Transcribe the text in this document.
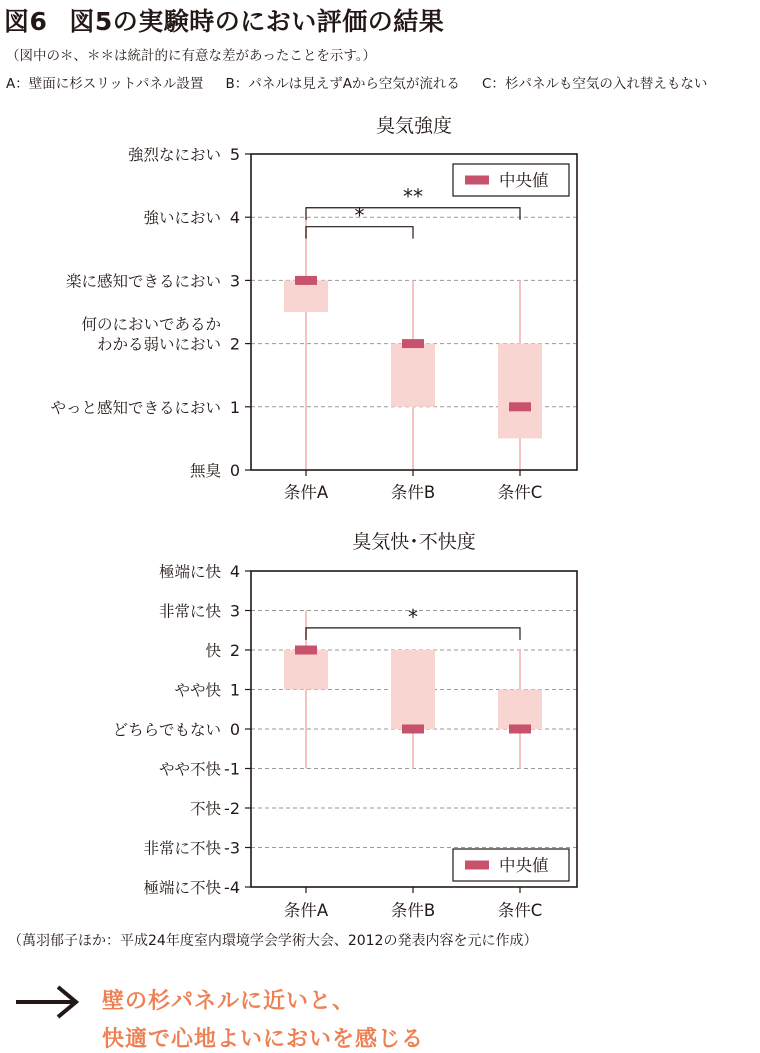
図6 図5の実験時のにおい評価の結果
（図中の＊、＊＊は統計的に有意な差があったことを示す。）
A：壁面に杉スリットパネル設置 B：パネルは見えずAから空気が流れる C：杉パネルも空気の入れ替えもない
臭気強度
5
強烈なにおい
4
強いにおい
3
楽に感知できるにおい
2
何のにおいであるか
わかる弱いにおい
1
やっと感知できるにおい
0
無臭
条件A	条件B	条件C
*
**
中央値
臭気快･不快度
4
極端に快
3
非常に快
2
快
1
やや快
0
どちらでもない
-1
やや不快
-2
不快
-3
非常に不快
-4
極端に不快
条件A	条件B	条件C
*
中央値
（萬羽郁子ほか：平成24年度室内環境学会学術大会、2012の発表内容を元に作成）
壁の杉パネルに近いと、
快適で心地よいにおいを感じる
